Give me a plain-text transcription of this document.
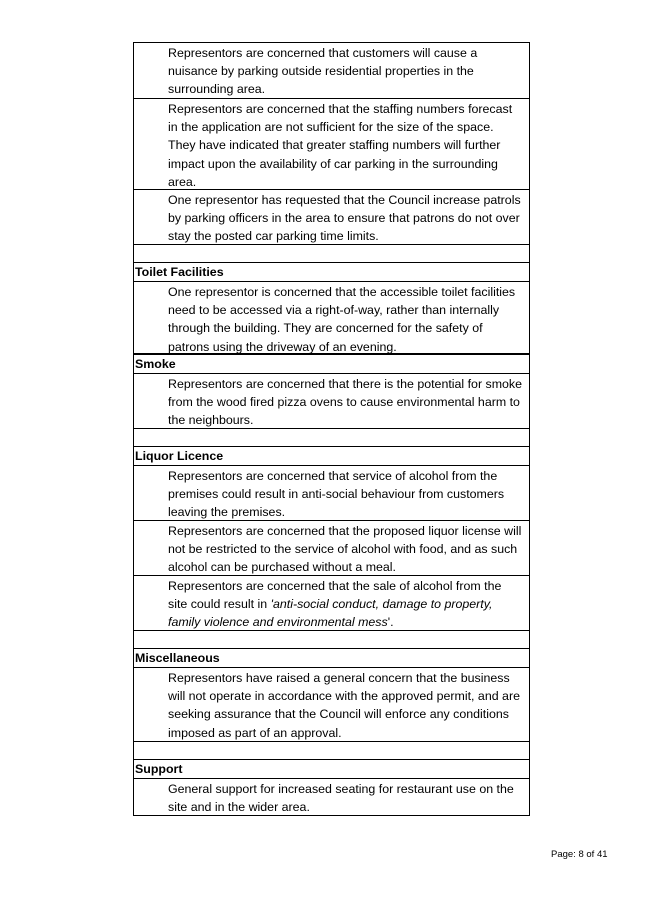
Representors are concerned that customers will cause a nuisance by parking outside residential properties in the surrounding area.
Representors are concerned that the staffing numbers forecast in the application are not sufficient for the size of the space. They have indicated that greater staffing numbers will further impact upon the availability of car parking in the surrounding area.
One representor has requested that the Council increase patrols by parking officers in the area to ensure that patrons do not over stay the posted car parking time limits.
Toilet Facilities
One representor is concerned that the accessible toilet facilities need to be accessed via a right-of-way, rather than internally through the building. They are concerned for the safety of patrons using the driveway of an evening.
Smoke
Representors are concerned that there is the potential for smoke from the wood fired pizza ovens to cause environmental harm to the neighbours.
Liquor Licence
Representors are concerned that service of alcohol from the premises could result in anti-social behaviour from customers leaving the premises.
Representors are concerned that the proposed liquor license will not be restricted to the service of alcohol with food, and as such alcohol can be purchased without a meal.
Representors are concerned that the sale of alcohol from the site could result in 'anti-social conduct, damage to property, family violence and environmental mess'.
Miscellaneous
Representors have raised a general concern that the business will not operate in accordance with the approved permit, and are seeking assurance that the Council will enforce any conditions imposed as part of an approval.
Support
General support for increased seating for restaurant use on the site and in the wider area.
Page: 8 of 41
